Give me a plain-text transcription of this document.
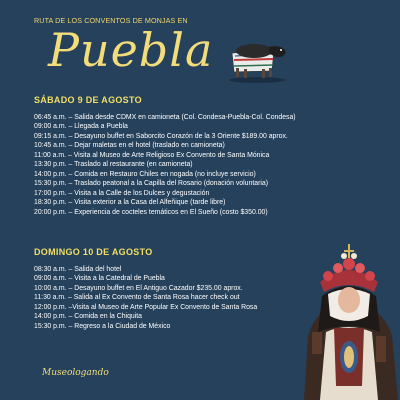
RUTA DE LOS CONVENTOS DE MONJAS EN
Puebla
SÁBADO 9 DE AGOSTO
06:45 a.m. – Salida desde CDMX en camioneta (Col. Condesa-Puebla-Col. Condesa)
09:00 a.m. – Llegada a Puebla
09:15 a.m. – Desayuno buffet en Saborcito Corazón de la 3 Oriente $189.00 aprox.
10:45 a.m. – Dejar maletas en el hotel (traslado en camioneta)
11:00 a.m. – Visita al Museo de Arte Religioso Ex Convento de Santa Mónica
13:30 p.m. – Traslado al restaurante (en camioneta)
14:00 p.m. – Comida en Restauro Chiles en nogada (no incluye servicio)
15:30 p.m. – Traslado peatonal a la Capilla del Rosario (donación voluntaria)
17:00 p.m. – Visita a la Calle de los Dulces y degustación
18:30 p.m. – Visita exterior a la Casa del Alfeñique (tarde libre)
20:00 p.m. – Experiencia de cocteles temáticos en El Sueño (costo $350.00)
DOMINGO 10 DE AGOSTO
08:30 a.m. – Salida del hotel
09:00 a.m. – Visita a la Catedral de Puebla
10:00 a.m. – Desayuno buffet en El Antiguo Cazador $235.00 aprox.
11:30 a.m. – Salida al Ex Convento de Santa Rosa hacer check out
12:00 p.m. –Visita al Museo de Arte Popular Ex Convento de Santa Rosa
14:00 p.m. – Comida en la Chiquita
15:30 p.m. – Regreso a la Ciudad de México
Museologando
